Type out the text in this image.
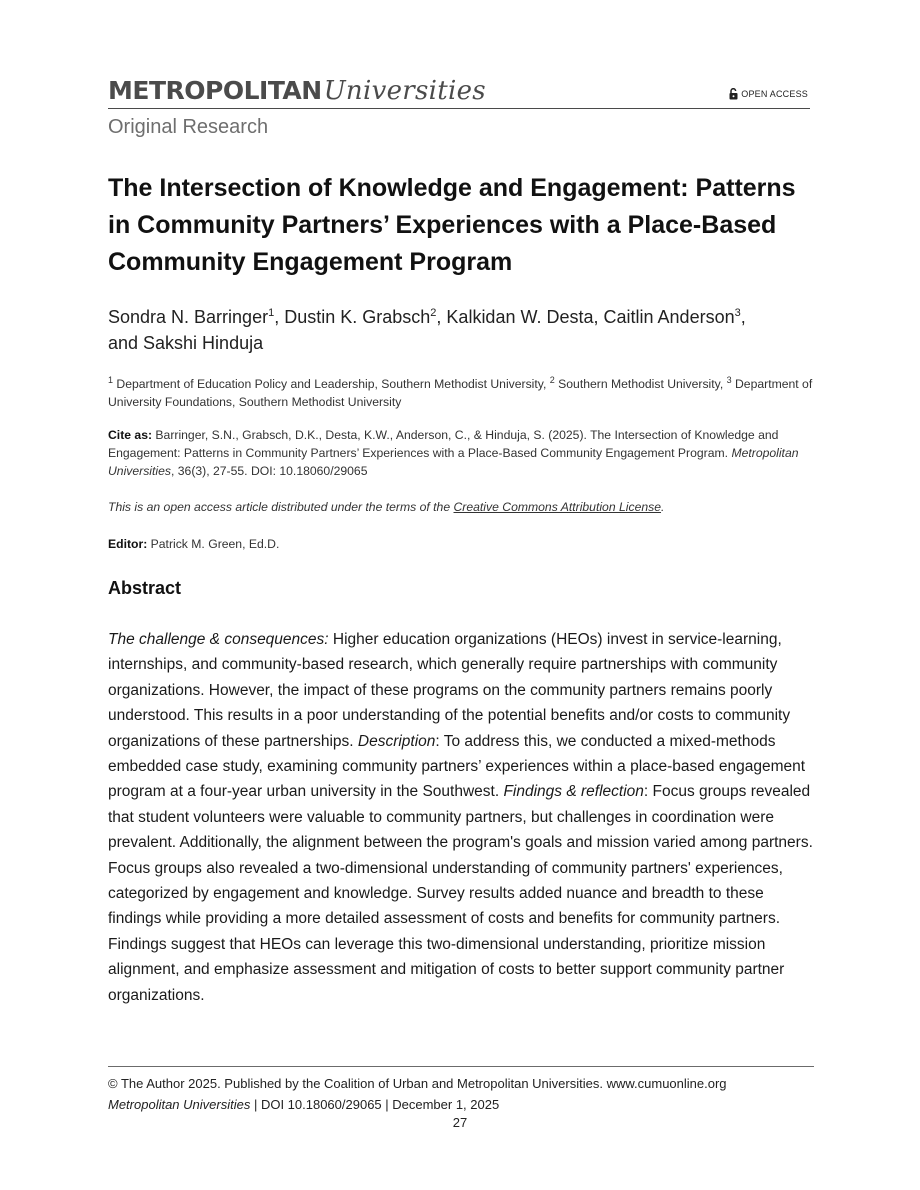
METROPOLITANUniversities	OPEN ACCESS
Original Research
The Intersection of Knowledge and Engagement: Patterns in Community Partners’ Experiences with a Place-Based Community Engagement Program
Sondra N. Barringer$^1$, Dustin K. Grabsch$^2$, Kalkidan W. Desta, Caitlin Anderson$^3$,
and Sakshi Hinduja
$^1$ Department of Education Policy and Leadership, Southern Methodist University, $^2$ Southern Methodist University, $^3$ Department of University Foundations, Southern Methodist University
Cite as: Barringer, S.N., Grabsch, D.K., Desta, K.W., Anderson, C., & Hinduja, S. (2025). The Intersection of Knowledge and Engagement: Patterns in Community Partners’ Experiences with a Place-Based Community Engagement Program. Metropolitan Universities, 36(3), 27-55. DOI: 10.18060/29065
This is an open access article distributed under the terms of the Creative Commons Attribution License.
Editor: Patrick M. Green, Ed.D.
Abstract

The challenge & consequences: Higher education organizations (HEOs) invest in service-learning, internships, and community-based research, which generally require partnerships with community organizations. However, the impact of these programs on the community partners remains poorly understood. This results in a poor understanding of the potential benefits and/or costs to community organizations of these partnerships. Description: To address this, we conducted a mixed-methods embedded case study, examining community partners’ experiences within a place-based engagement program at a four-year urban university in the Southwest. Findings & reflection: Focus groups revealed that student volunteers were valuable to community partners, but challenges in coordination were prevalent. Additionally, the alignment between the program's goals and mission varied among partners. Focus groups also revealed a two-dimensional understanding of community partners' experiences, categorized by engagement and knowledge. Survey results added nuance and breadth to these findings while providing a more detailed assessment of costs and benefits for community partners. Findings suggest that HEOs can leverage this two-dimensional understanding, prioritize mission alignment, and emphasize assessment and mitigation of costs to better support community partner organizations.

© The Author 2025. Published by the Coalition of Urban and Metropolitan Universities. www.cumuonline.org
Metropolitan Universities | DOI 10.18060/29065 | December 1, 2025
27
